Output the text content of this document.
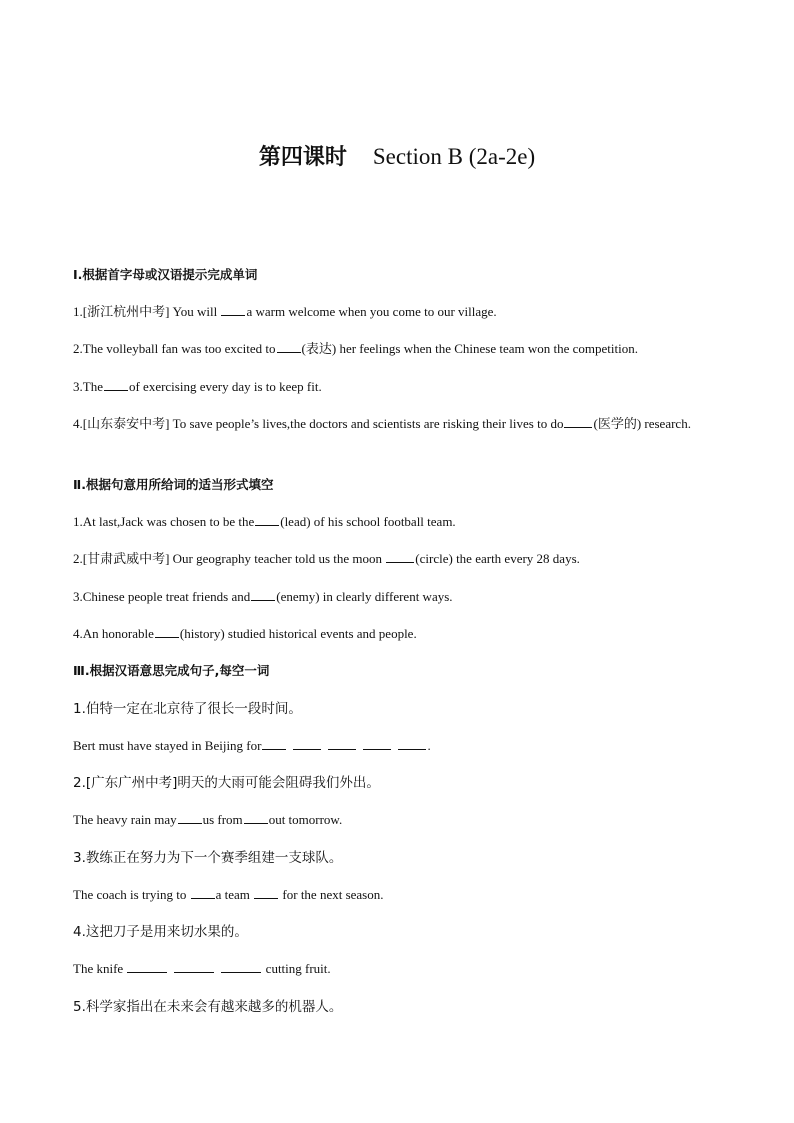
第四课时 Section B (2a-2e)
Ⅰ.根据首字母或汉语提示完成单词
1.[浙江杭州中考] You will a warm welcome when you come to our village.
2.The volleyball fan was too excited to (表达) her feelings when the Chinese team won the competition.
3.The of exercising every day is to keep fit.
4.[山东泰安中考] To save people’s lives,the doctors and scientists are risking their lives to do (医学的) research.
Ⅱ.根据句意用所给词的适当形式填空
1.At last,Jack was chosen to be the (lead) of his school football team.
2.[甘肃武威中考] Our geography teacher told us the moon (circle) the earth every 28 days.
3.Chinese people treat friends and (enemy) in clearly different ways.
4.An honorable (history) studied historical events and people.
Ⅲ.根据汉语意思完成句子,每空一词
1.伯特一定在北京待了很长一段时间。
Bert must have stayed in Beijing for	.
2.[广东广州中考]明天的大雨可能会阻碍我们外出。
The heavy rain may us from out tomorrow.
3.教练正在努力为下一个赛季组建一支球队。
The coach is trying to a team  for the next season.
4.这把刀子是用来切水果的。
The knife	cutting fruit.
5.科学家指出在未来会有越来越多的机器人。
